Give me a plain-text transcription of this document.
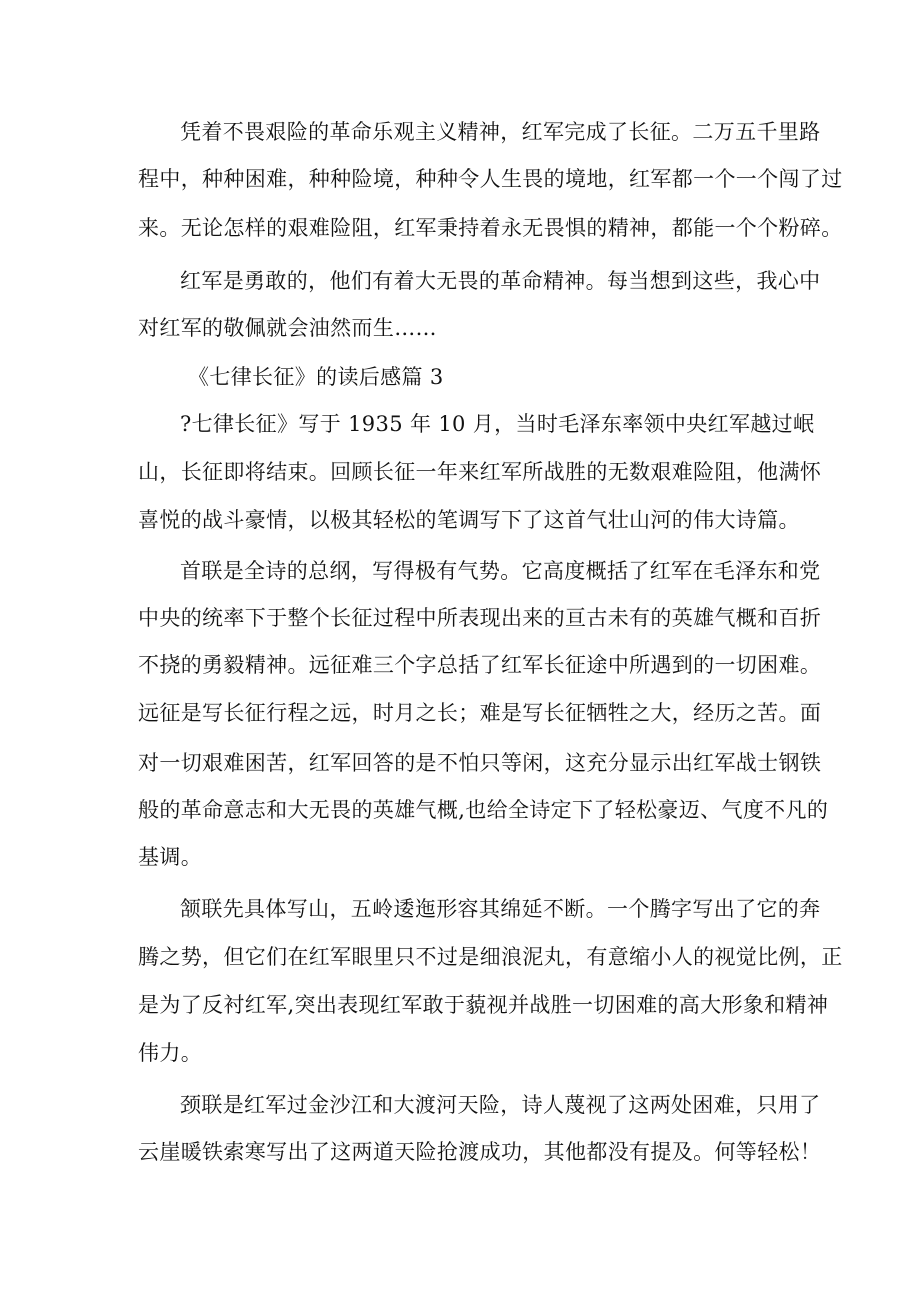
凭着不畏艰险的革命乐观主义精神，红军完成了长征。二万五千里路
程中，种种困难，种种险境，种种令人生畏的境地，红军都一个一个闯了过
来。无论怎样的艰难险阻，红军秉持着永无畏惧的精神，都能一个个粉碎。
红军是勇敢的，他们有着大无畏的革命精神。每当想到这些，我心中
对红军的敬佩就会油然而生……
《七律长征》的读后感篇 3
?七律长征》写于 1935 年 10 月，当时毛泽东率领中央红军越过岷
山，长征即将结束。回顾长征一年来红军所战胜的无数艰难险阻，他满怀
喜悦的战斗豪情，以极其轻松的笔调写下了这首气壮山河的伟大诗篇。
首联是全诗的总纲，写得极有气势。它高度概括了红军在毛泽东和党
中央的统率下于整个长征过程中所表现出来的亘古未有的英雄气概和百折
不挠的勇毅精神。远征难三个字总括了红军长征途中所遇到的一切困难。
远征是写长征行程之远，时月之长；难是写长征牺牲之大，经历之苦。面
对一切艰难困苦，红军回答的是不怕只等闲，这充分显示出红军战士钢铁
般的革命意志和大无畏的英雄气概,也给全诗定下了轻松豪迈、气度不凡的
基调。
颔联先具体写山，五岭逶迤形容其绵延不断。一个腾字写出了它的奔
腾之势，但它们在红军眼里只不过是细浪泥丸，有意缩小人的视觉比例，正
是为了反衬红军,突出表现红军敢于藐视并战胜一切困难的高大形象和精神
伟力。
颈联是红军过金沙江和大渡河天险，诗人蔑视了这两处困难，只用了
云崖暖铁索寒写出了这两道天险抢渡成功，其他都没有提及。何等轻松！
